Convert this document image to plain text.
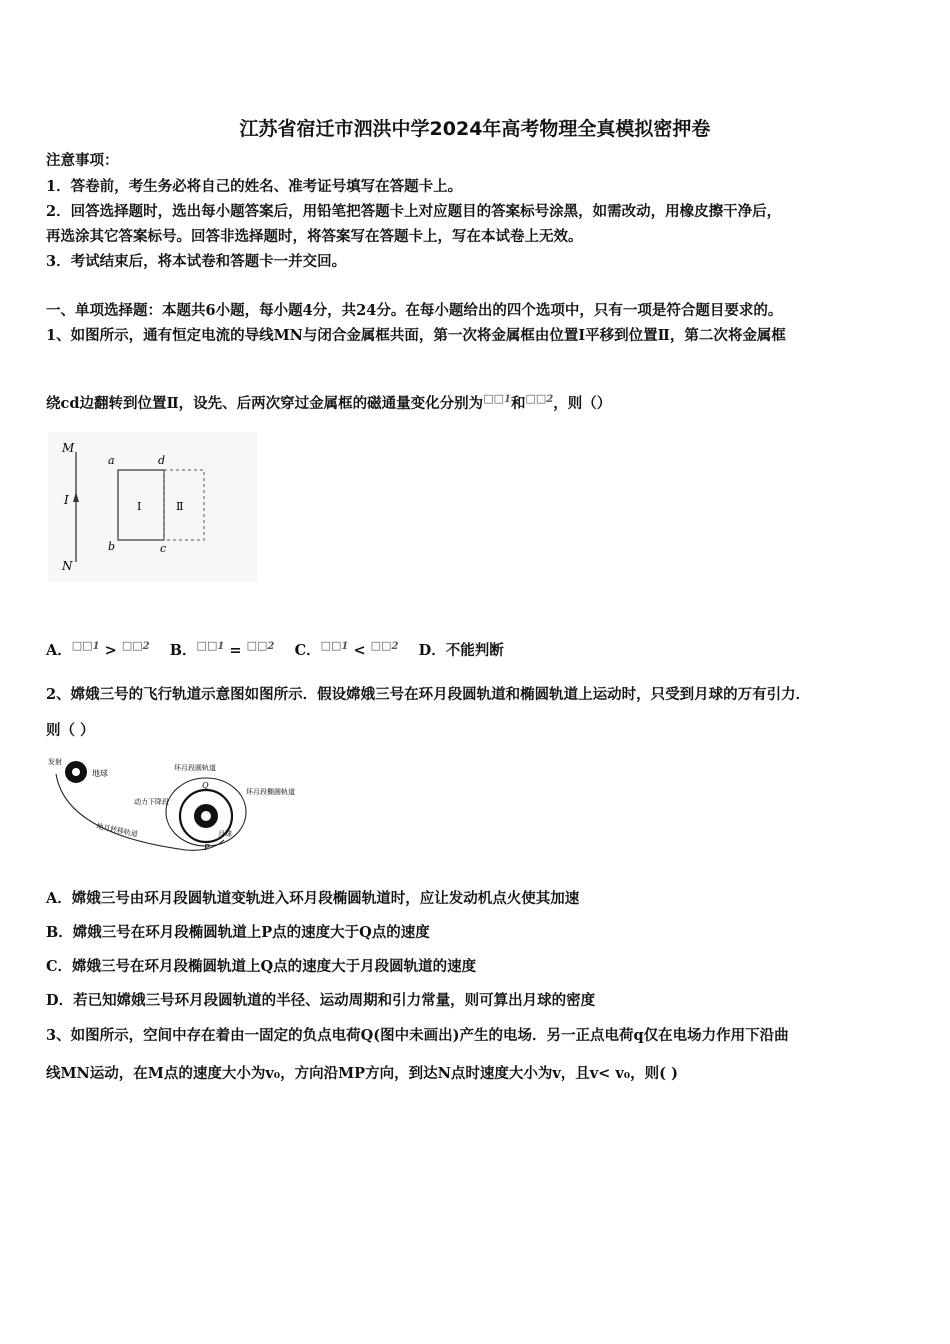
江苏省宿迁市泗洪中学2024年高考物理全真模拟密押卷
注意事项：
1．答卷前，考生务必将自己的姓名、准考证号填写在答题卡上。
2．回答选择题时，选出每小题答案后，用铅笔把答题卡上对应题目的答案标号涂黑，如需改动，用橡皮擦干净后，
再选涂其它答案标号。回答非选择题时，将答案写在答题卡上，写在本试卷上无效。
3．考试结束后，将本试卷和答题卡一并交回。
一、单项选择题：本题共6小题，每小题4分，共24分。在每小题给出的四个选项中，只有一项是符合题目要求的。
1、如图所示，通有恒定电流的导线MN与闭合金属框共面，第一次将金属框由位置Ⅰ平移到位置Ⅱ，第二次将金属框
绕cd边翻转到位置Ⅱ，设先、后两次穿过金属框的磁通量变化分别为$^{□□1}$和$^{□□2}$，则（）
M
I
N
a	d
b	c
Ⅰ	Ⅱ
A．$^{□□1}$ > $^{□□2}$ B．$^{□□1}$ = $^{□□2}$ C．$^{□□1}$ < $^{□□2}$ D．不能判断
2、嫦娥三号的飞行轨道示意图如图所示．假设嫦娥三号在环月段圆轨道和椭圆轨道上运动时，只受到月球的万有引力．
则（ ）
地球
发射
地月转移轨道
环月段圆轨道
环月段椭圆轨道
动力下降段
Q
P
月球
A．嫦娥三号由环月段圆轨道变轨进入环月段椭圆轨道时，应让发动机点火使其加速
B．嫦娥三号在环月段椭圆轨道上P点的速度大于Q点的速度
C．嫦娥三号在环月段椭圆轨道上Q点的速度大于月段圆轨道的速度
D．若已知嫦娥三号环月段圆轨道的半径、运动周期和引力常量，则可算出月球的密度
3、如图所示，空间中存在着由一固定的负点电荷Q(图中未画出)产生的电场．另一正点电荷q仅在电场力作用下沿曲
线MN运动，在M点的速度大小为v₀，方向沿MP方向，到达N点时速度大小为v，且v< v₀，则( )
